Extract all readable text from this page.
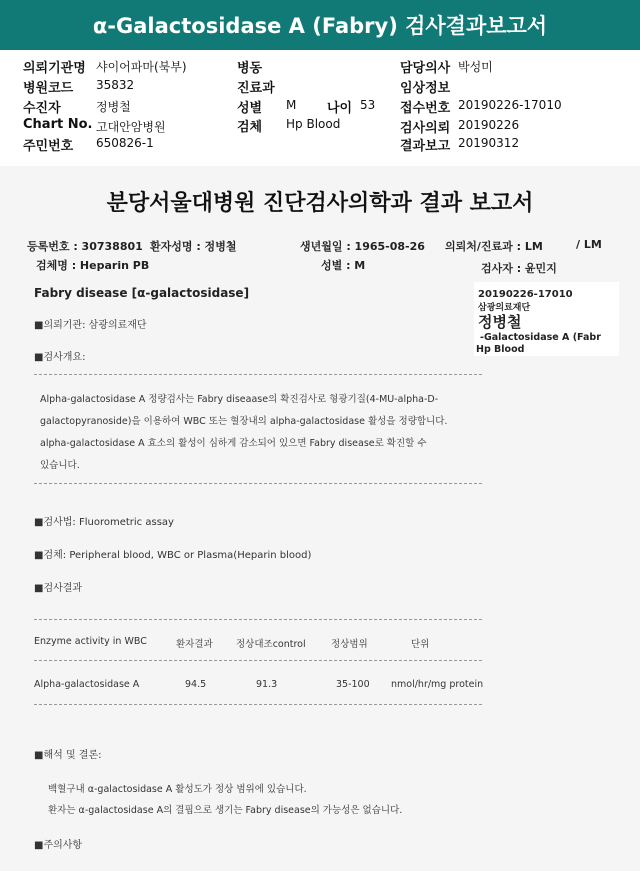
α-Galactosidase A (Fabry) 검사결과보고서
의뢰기관명 샤이어파마(북부)
병원코드 35832
수진자	정병철
Chart No. 고대안암병원
주민번호 650826-1
병동
진료과
성별 M 나이 53
검체 Hp Blood
담당의사 박성미
임상정보
접수번호 20190226-17010
검사의뢰 20190226
결과보고 20190312
분당서울대병원 진단검사의학과 결과 보고서
등록번호 : 30738801 환자성명 : 정병철	생년월일 : 1965-08-26 의뢰처/진료과 : LM	/ LM
검체명 : Heparin PB	성별 : M	검사자 : 윤민지
Fabry disease [α-galactosidase]	20190226-17010
삼광의료재단
정병철
-Galactosidase A (Fabr
Hp Blood
■의뢰기관: 삼광의료재단
■검사개요:
Alpha-galactosidase A 정량검사는 Fabry diseaase의 확진검사로 형광기질(4-MU-alpha-D-
galactopyranoside)을 이용하여 WBC 또는 혈장내의 alpha-galactosidase 활성을 정량합니다.
alpha-galactosidase A 효소의 활성이 심하게 감소되어 있으면 Fabry disease로 확진할 수
있습니다.
■검사법: Fluorometric assay
■검체: Peripheral blood, WBC or Plasma(Heparin blood)
■검사결과
Enzyme activity in WBC	환자결과 정상대조control	정상범위	단위
Alpha-galactosidase A	94.5	91.3	35-100 nmol/hr/mg protein
■해석 및 결론:
백혈구내 α-galactosidase A 활성도가 정상 범위에 있습니다.
환자는 α-galactosidase A의 결핍으로 생기는 Fabry disease의 가능성은 없습니다.
■주의사항
